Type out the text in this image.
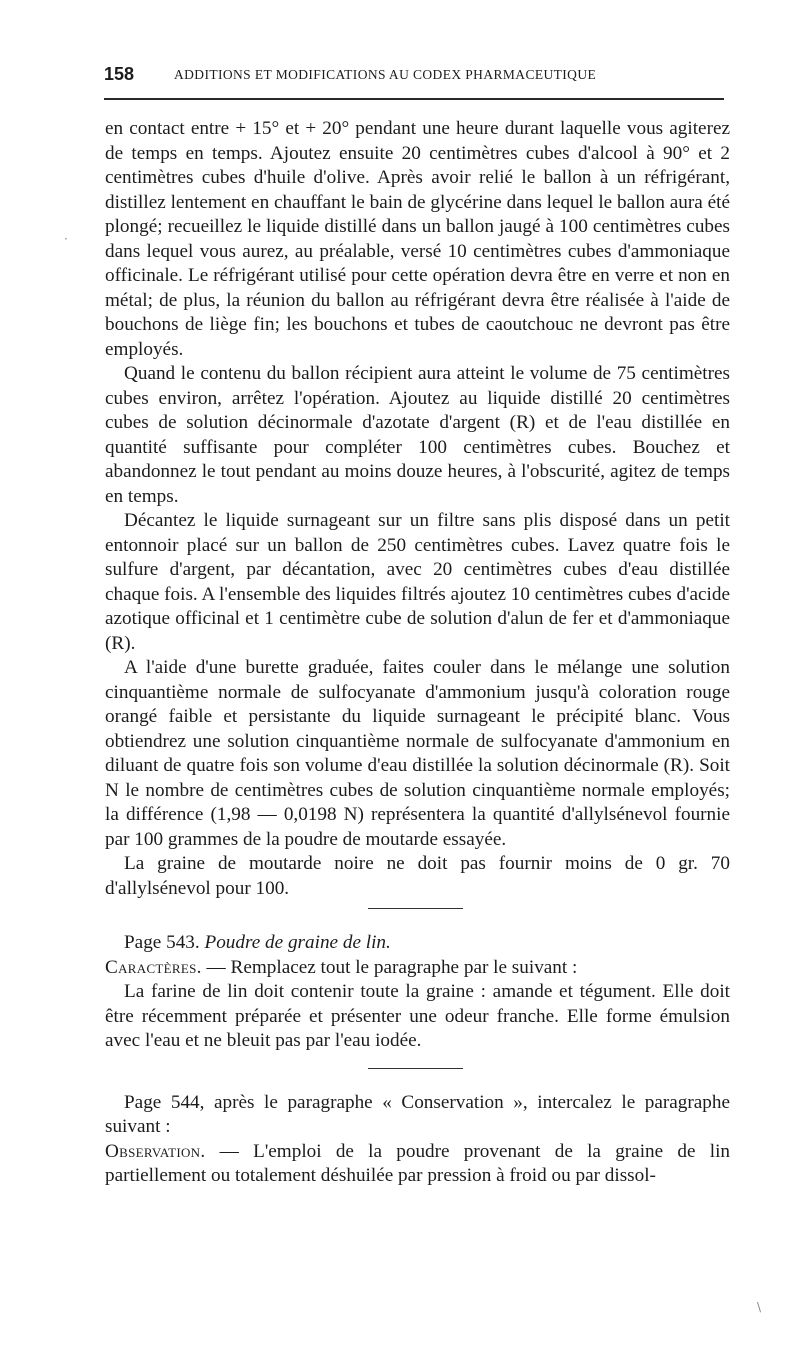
158	ADDITIONS ET MODIFICATIONS AU CODEX PHARMACEUTIQUE

en contact entre + 15° et + 20° pendant une heure durant laquelle vous agiterez de temps en temps. Ajoutez ensuite 20 centimètres cubes d'alcool à 90° et 2 centimètres cubes d'huile d'olive. Après avoir relié le ballon à un réfrigérant, distillez lentement en chauffant le bain de glycérine dans lequel le ballon aura été plongé; recueillez le liquide distillé dans un ballon jaugé à 100 centimètres cubes dans lequel vous aurez, au préalable, versé 10 centimètres cubes d'ammoniaque officinale. Le réfrigérant utilisé pour cette opération devra être en verre et non en métal; de plus, la réunion du ballon au réfrigérant devra être réalisée à l'aide de bouchons de liège fin; les bouchons et tubes de caoutchouc ne devront pas être employés.

Quand le contenu du ballon récipient aura atteint le volume de 75 centimètres cubes environ, arrêtez l'opération. Ajoutez au liquide distillé 20 centimètres cubes de solution décinormale d'azotate d'argent (R) et de l'eau distillée en quantité suffisante pour compléter 100 centimètres cubes. Bouchez et abandonnez le tout pendant au moins douze heures, à l'obscurité, agitez de temps en temps.

Décantez le liquide surnageant sur un filtre sans plis disposé dans un petit entonnoir placé sur un ballon de 250 centimètres cubes. Lavez quatre fois le sulfure d'argent, par décantation, avec 20 centimètres cubes d'eau distillée chaque fois. A l'ensemble des liquides filtrés ajoutez 10 centimètres cubes d'acide azotique officinal et 1 centimètre cube de solution d'alun de fer et d'ammoniaque (R).

A l'aide d'une burette graduée, faites couler dans le mélange une solution cinquantième normale de sulfocyanate d'ammonium jusqu'à coloration rouge orangé faible et persistante du liquide surnageant le précipité blanc. Vous obtiendrez une solution cinquantième normale de sulfocyanate d'ammonium en diluant de quatre fois son volume d'eau distillée la solution décinormale (R). Soit N le nombre de centimètres cubes de solution cinquantième normale employés; la différence (1,98 — 0,0198 N) représentera la quantité d'allylsénevol fournie par 100 grammes de la poudre de moutarde essayée.

La graine de moutarde noire ne doit pas fournir moins de 0 gr. 70 d'allylsénevol pour 100.

Page 543. Poudre de graine de lin.

Caractères. — Remplacez tout le paragraphe par le suivant :

La farine de lin doit contenir toute la graine : amande et tégument. Elle doit être récemment préparée et présenter une odeur franche. Elle forme émulsion avec l'eau et ne bleuit pas par l'eau iodée.

Page 544, après le paragraphe « Conservation », intercalez le paragraphe suivant :

Observation. — L'emploi de la poudre provenant de la graine de lin partiellement ou totalement déshuilée par pression à froid ou par dissol-

·
\
